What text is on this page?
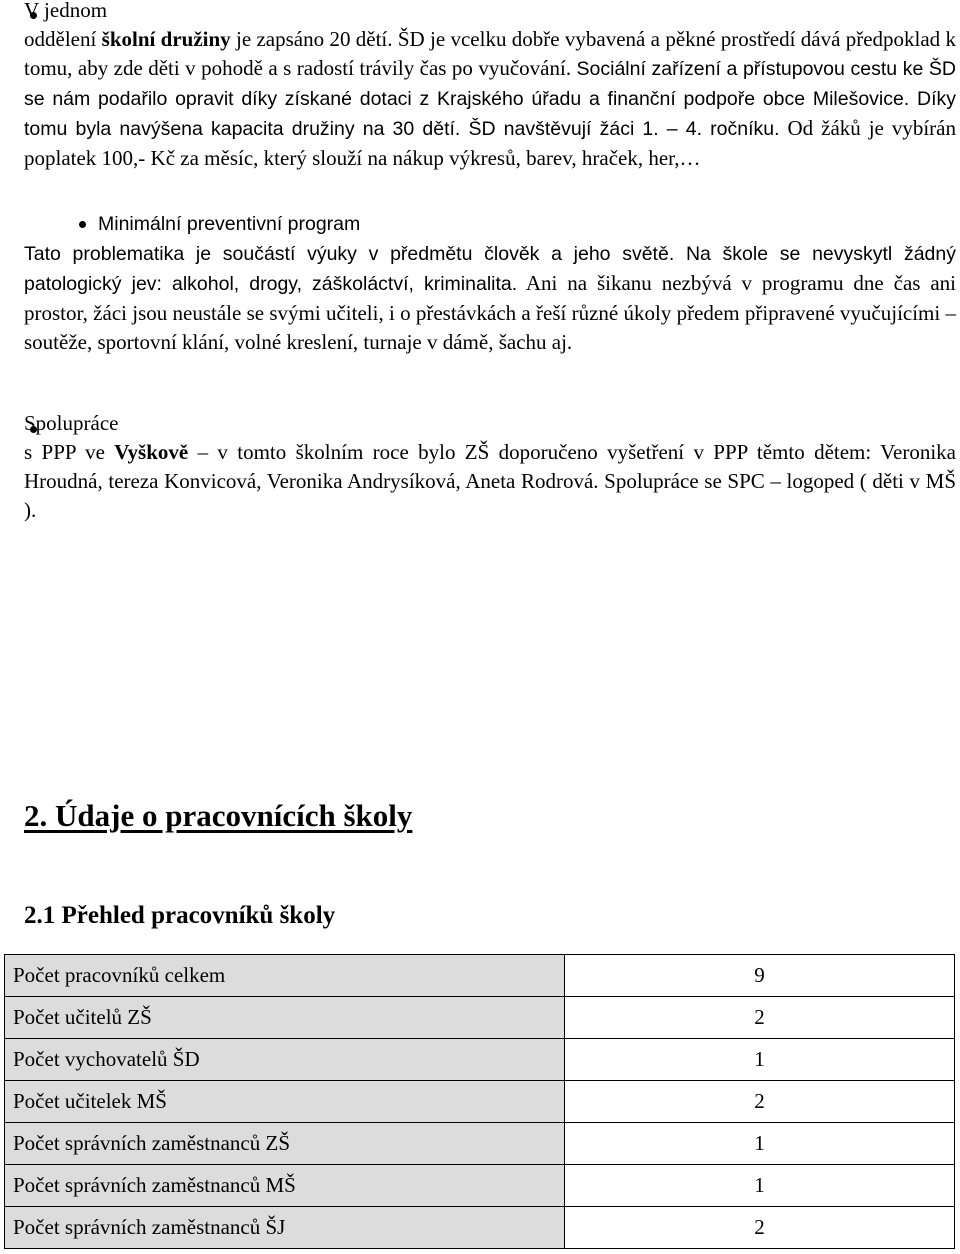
V jednom
oddělení školní družiny je zapsáno 20 dětí. ŠD je vcelku dobře vybavená a pěkné prostředí dává předpoklad k tomu, aby zde děti v pohodě a s radostí trávily čas po vyučování. Sociální zařízení a přístupovou cestu ke ŠD se nám podařilo opravit díky získané dotaci z Krajského úřadu a finanční podpoře obce Milešovice. Díky tomu byla navýšena kapacita družiny na 30 dětí. ŠD navštěvují žáci 1. – 4. ročníku. Od žáků je vybírán poplatek 100,- Kč za měsíc, který slouží na nákup výkresů, barev, hraček, her,…
Minimální preventivní program
Tato problematika je součástí výuky v předmětu člověk a jeho světě. Na škole se nevyskytl žádný patologický jev: alkohol, drogy, záškoláctví, kriminalita. Ani na šikanu nezbývá v programu dne čas ani prostor, žáci jsou neustále se svými učiteli, i o přestávkách a řeší různé úkoly předem připravené vyučujícími – soutěže, sportovní klání, volné kreslení, turnaje v dámě, šachu aj.
Spolupráce
s PPP ve Vyškově – v tomto školním roce bylo ZŠ doporučeno vyšetření v PPP těmto dětem: Veronika Hroudná, tereza Konvicová, Veronika Andrysíková, Aneta Rodrová. Spolupráce se SPC – logoped ( děti v MŠ ).
2. Údaje o pracovnících školy
2.1 Přehled pracovníků školy
Počet pracovníků celkem	9
Počet učitelů ZŠ	2
Počet vychovatelů ŠD	1
Počet učitelek MŠ	2
Počet správních zaměstnanců ZŠ	1
Počet správních zaměstnanců MŠ	1
Počet správních zaměstnanců ŠJ	2
